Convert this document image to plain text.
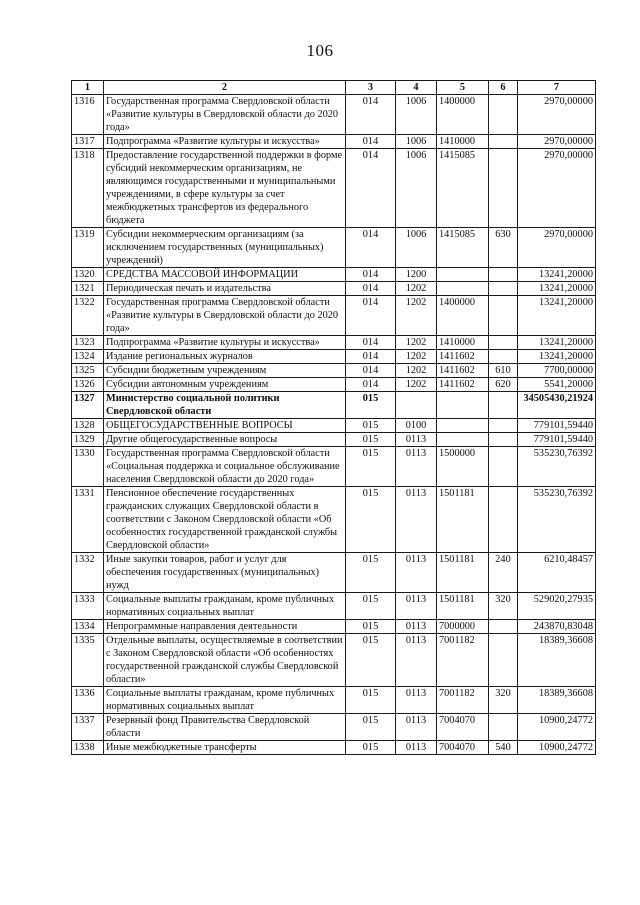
106
1	2	3	4	5	6	7
1316	Государственная программа Свердловской области «Развитие культуры в Свердловской области до 2020 года»	014	1006	1400000		2970,00000
1317	Подпрограмма «Развитие культуры и искусства»	014	1006	1410000		2970,00000
1318	Предоставление государственной поддержки в форме субсидий некоммерческим организациям, не являющимся государственными и муниципальными учреждениями, в сфере культуры за счет межбюджетных трансфертов из федерального бюджета	014	1006	1415085		2970,00000
1319	Субсидии некоммерческим организациям (за исключением государственных (муниципальных) учреждений)	014	1006	1415085	630	2970,00000
1320	СРЕДСТВА МАССОВОЙ ИНФОРМАЦИИ	014	1200			13241,20000
1321	Периодическая печать и издательства	014	1202			13241,20000
1322	Государственная программа Свердловской области «Развитие культуры в Свердловской области до 2020 года»	014	1202	1400000		13241,20000
1323	Подпрограмма «Развитие культуры и искусства»	014	1202	1410000		13241,20000
1324	Издание региональных журналов	014	1202	1411602		13241,20000
1325	Субсидии бюджетным учреждениям	014	1202	1411602	610	7700,00000
1326	Субсидии автономным учреждениям	014	1202	1411602	620	5541,20000
1327	Министерство социальной политики Свердловской области	015				34505430,21924
1328	ОБЩЕГОСУДАРСТВЕННЫЕ ВОПРОСЫ	015	0100			779101,59440
1329	Другие общегосударственные вопросы	015	0113			779101,59440
1330	Государственная программа Свердловской области «Социальная поддержка и социальное обслуживание населения Свердловской области до 2020 года»	015	0113	1500000		535230,76392
1331	Пенсионное обеспечение государственных гражданских служащих Свердловской области в соответствии с Законом Свердловской области «Об особенностях государственной гражданской службы Свердловской области»	015	0113	1501181		535230,76392
1332	Иные закупки товаров, работ и услуг для обеспечения государственных (муниципальных) нужд	015	0113	1501181	240	6210,48457
1333	Социальные выплаты гражданам, кроме публичных нормативных социальных выплат	015	0113	1501181	320	529020,27935
1334	Непрограммные направления деятельности	015	0113	7000000		243870,83048
1335	Отдельные выплаты, осуществляемые в соответствии с Законом Свердловской области «Об особенностях государственной гражданской службы Свердловской области»	015	0113	7001182		18389,36608
1336	Социальные выплаты гражданам, кроме публичных нормативных социальных выплат	015	0113	7001182	320	18389,36608
1337	Резервный фонд Правительства Свердловской области	015	0113	7004070		10900,24772
1338	Иные межбюджетные трансферты	015	0113	7004070	540	10900,24772
